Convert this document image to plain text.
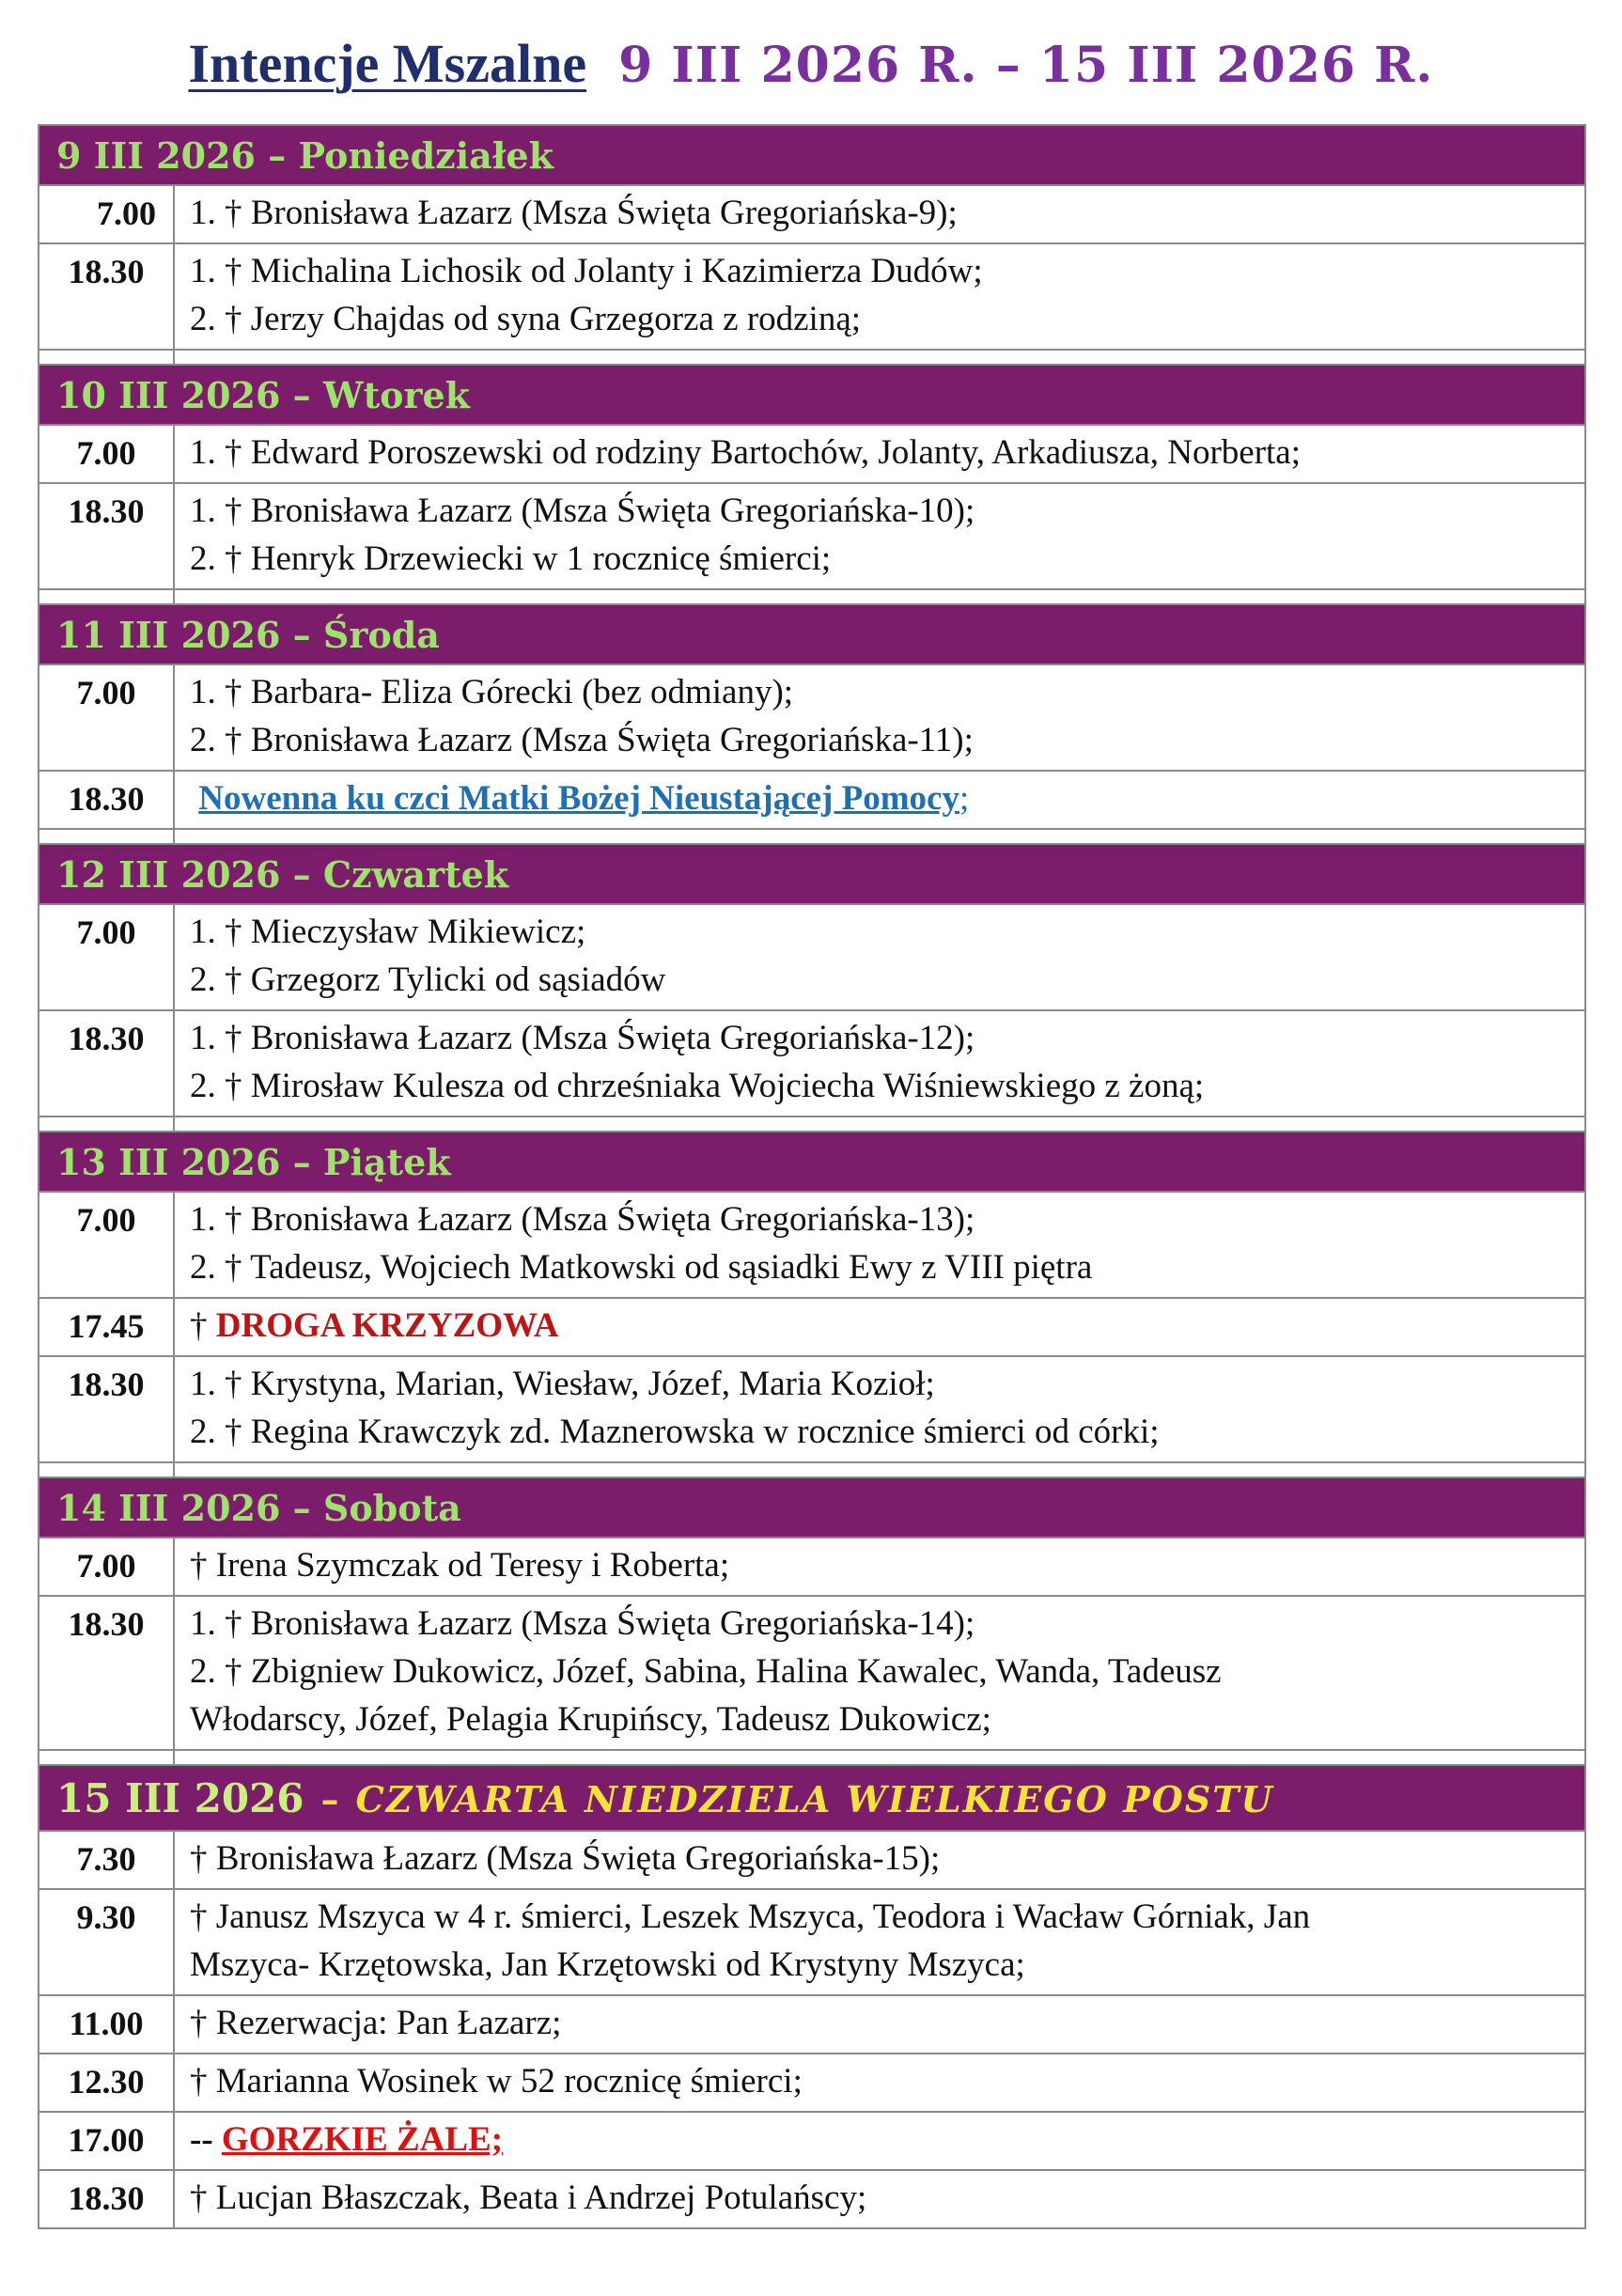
Intencje Mszalne 9 III 2026 R. – 15 III 2026 R.
9 III 2026 – Poniedziałek	
7.00	1. † Bronisława Łazarz (Msza Święta Gregoriańska-9);

18.30	1. † Michalina Lichosik od Jolanty i Kazimierza Dudów;
2. † Jerzy Chajdas od syna Grzegorza z rodziną;

10 III 2026 – Wtorek	
7.00	1. † Edward Poroszewski od rodziny Bartochów, Jolanty, Arkadiusza, Norberta;

18.30	1. † Bronisława Łazarz (Msza Święta Gregoriańska-10);
2. † Henryk Drzewiecki w 1 rocznicę śmierci;

11 III 2026 – Środa	
7.00	1. † Barbara- Eliza Górecki (bez odmiany);
2. † Bronisława Łazarz (Msza Święta Gregoriańska-11);

18.30	Nowenna ku czci Matki Bożej Nieustającej Pomocy;

12 III 2026 – Czwartek	
7.00	1. † Mieczysław Mikiewicz;
2. † Grzegorz Tylicki od sąsiadów

18.30	1. † Bronisława Łazarz (Msza Święta Gregoriańska-12);
2. † Mirosław Kulesza od chrześniaka Wojciecha Wiśniewskiego z żoną;

13 III 2026 – Piątek	
7.00	1. † Bronisława Łazarz (Msza Święta Gregoriańska-13);
2. † Tadeusz, Wojciech Matkowski od sąsiadki Ewy z VIII piętra

17.45	† DROGA KRZYZOWA

18.30	1. † Krystyna, Marian, Wiesław, Józef, Maria Kozioł;
2. † Regina Krawczyk zd. Maznerowska w rocznice śmierci od córki;

14 III 2026 – Sobota	
7.00	† Irena Szymczak od Teresy i Roberta;

18.30	1. † Bronisława Łazarz (Msza Święta Gregoriańska-14);
2. † Zbigniew Dukowicz, Józef, Sabina, Halina Kawalec, Wanda, Tadeusz
Włodarscy, Józef, Pelagia Krupińscy, Tadeusz Dukowicz;

15 III 2026 – CZWARTA NIEDZIELA WIELKIEGO POSTU	
7.30	† Bronisława Łazarz (Msza Święta Gregoriańska-15);

9.30	† Janusz Mszyca w 4 r. śmierci, Leszek Mszyca, Teodora i Wacław Górniak, Jan
Mszyca- Krzętowska, Jan Krzętowski od Krystyny Mszyca;

11.00	† Rezerwacja: Pan Łazarz;

12.30	† Marianna Wosinek w 52 rocznicę śmierci;

17.00	-- GORZKIE ŻALE;

18.30	† Lucjan Błaszczak, Beata i Andrzej Potulańscy;
